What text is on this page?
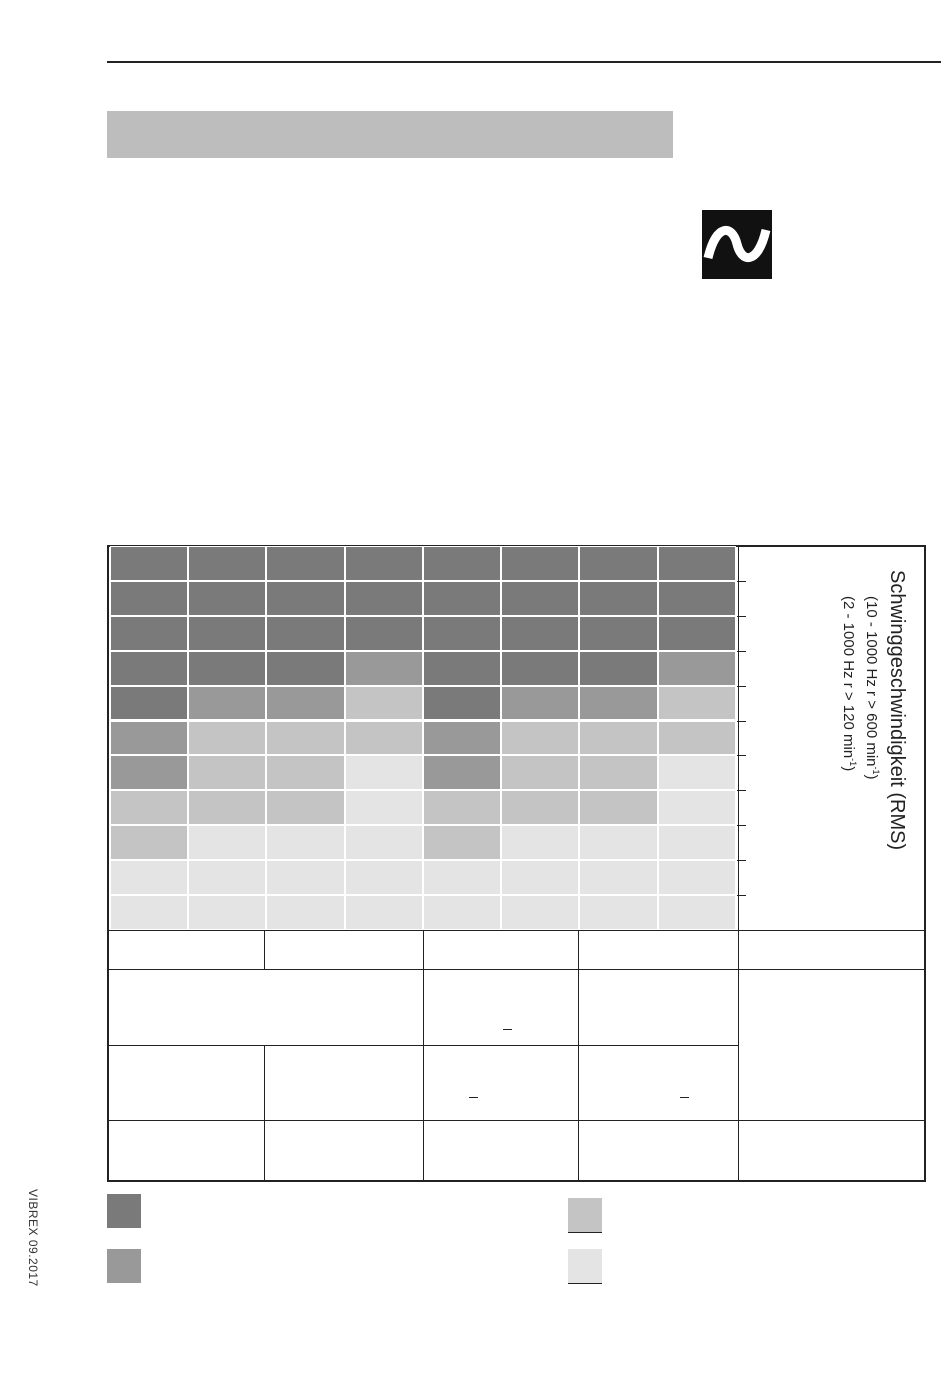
VIBREX 09.2017
Schwinggeschwindigkeit (RMS)
(10 - 1000 Hz r > 600 $\min^{-1}$)
(2 - 1000 Hz r > 120 $\min^{-1}$)
